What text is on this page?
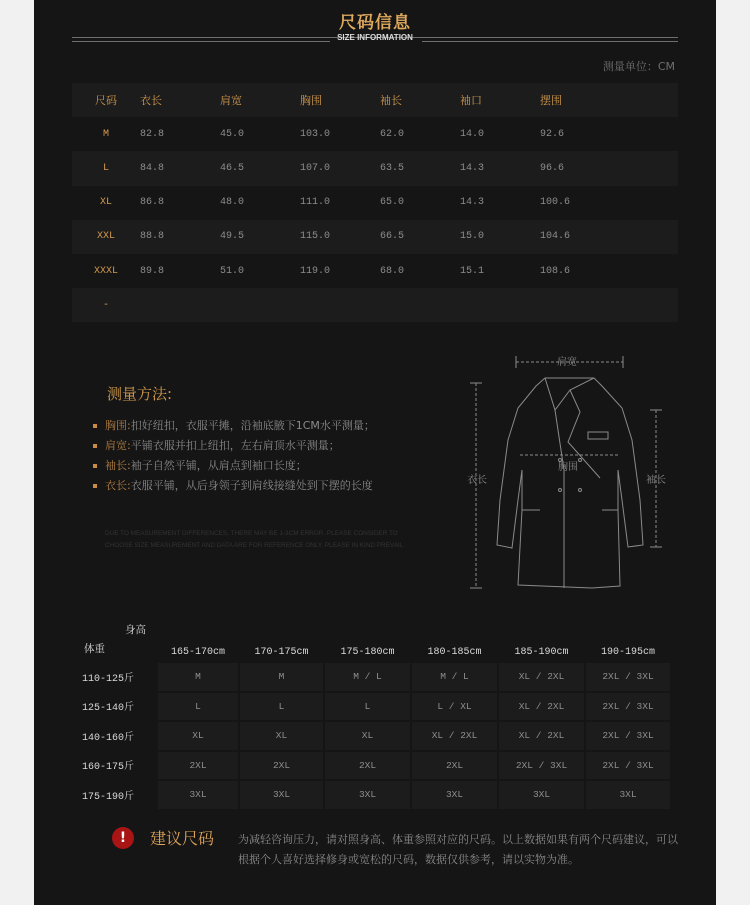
尺码信息
SIZE INFORMATION
测量单位：CM
尺码	衣长	肩宽	胸围	袖长	袖口	摆围
M	82.8	45.0	103.0	62.0	14.0	92.6
L	84.8	46.5	107.0	63.5	14.3	96.6
XL	86.8	48.0	111.0	65.0	14.3	100.6
XXL	88.8	49.5	115.0	66.5	15.0	104.6
XXXL	89.8	51.0	119.0	68.0	15.1	108.6
-						
测量方法:
胸围:扣好纽扣，衣服平摊，沿袖底腋下1CM水平测量；
肩宽:平铺衣服并扣上纽扣，左右肩顶水平测量；
袖长:袖子自然平铺，从肩点到袖口长度；
衣长:衣服平铺，从后身领子到肩线接缝处到下摆的长度
DUE TO MEASUREMENT DIFFERENCES, THERE MAY BE 1-3CM ERROR. PLEASE CONSIDER TO CHOOSE SIZE MEASUREMENT AND DATA ARE FOR REFERENCE ONLY. PLEASE IN KIND PREVAIL
肩宽
衣长
胸围
袖长
身高
体重	165-170cm	170-175cm	175-180cm	180-185cm	185-190cm	190-195cm
110-125斤	M	M	M / L	M / L	XL / 2XL	2XL / 3XL
125-140斤	L	L	L	L / XL	XL / 2XL	2XL / 3XL
140-160斤	XL	XL	XL	XL / 2XL	XL / 2XL	2XL / 3XL
160-175斤	2XL	2XL	2XL	2XL	2XL / 3XL	2XL / 3XL
175-190斤	3XL	3XL	3XL	3XL	3XL	3XL
!	建议尺码 为减轻咨询压力，请对照身高、体重参照对应的尺码。以上数据如果有两个尺码建议，可以根据个人喜好选择修身或宽松的尺码，数据仅供参考，请以实物为准。
